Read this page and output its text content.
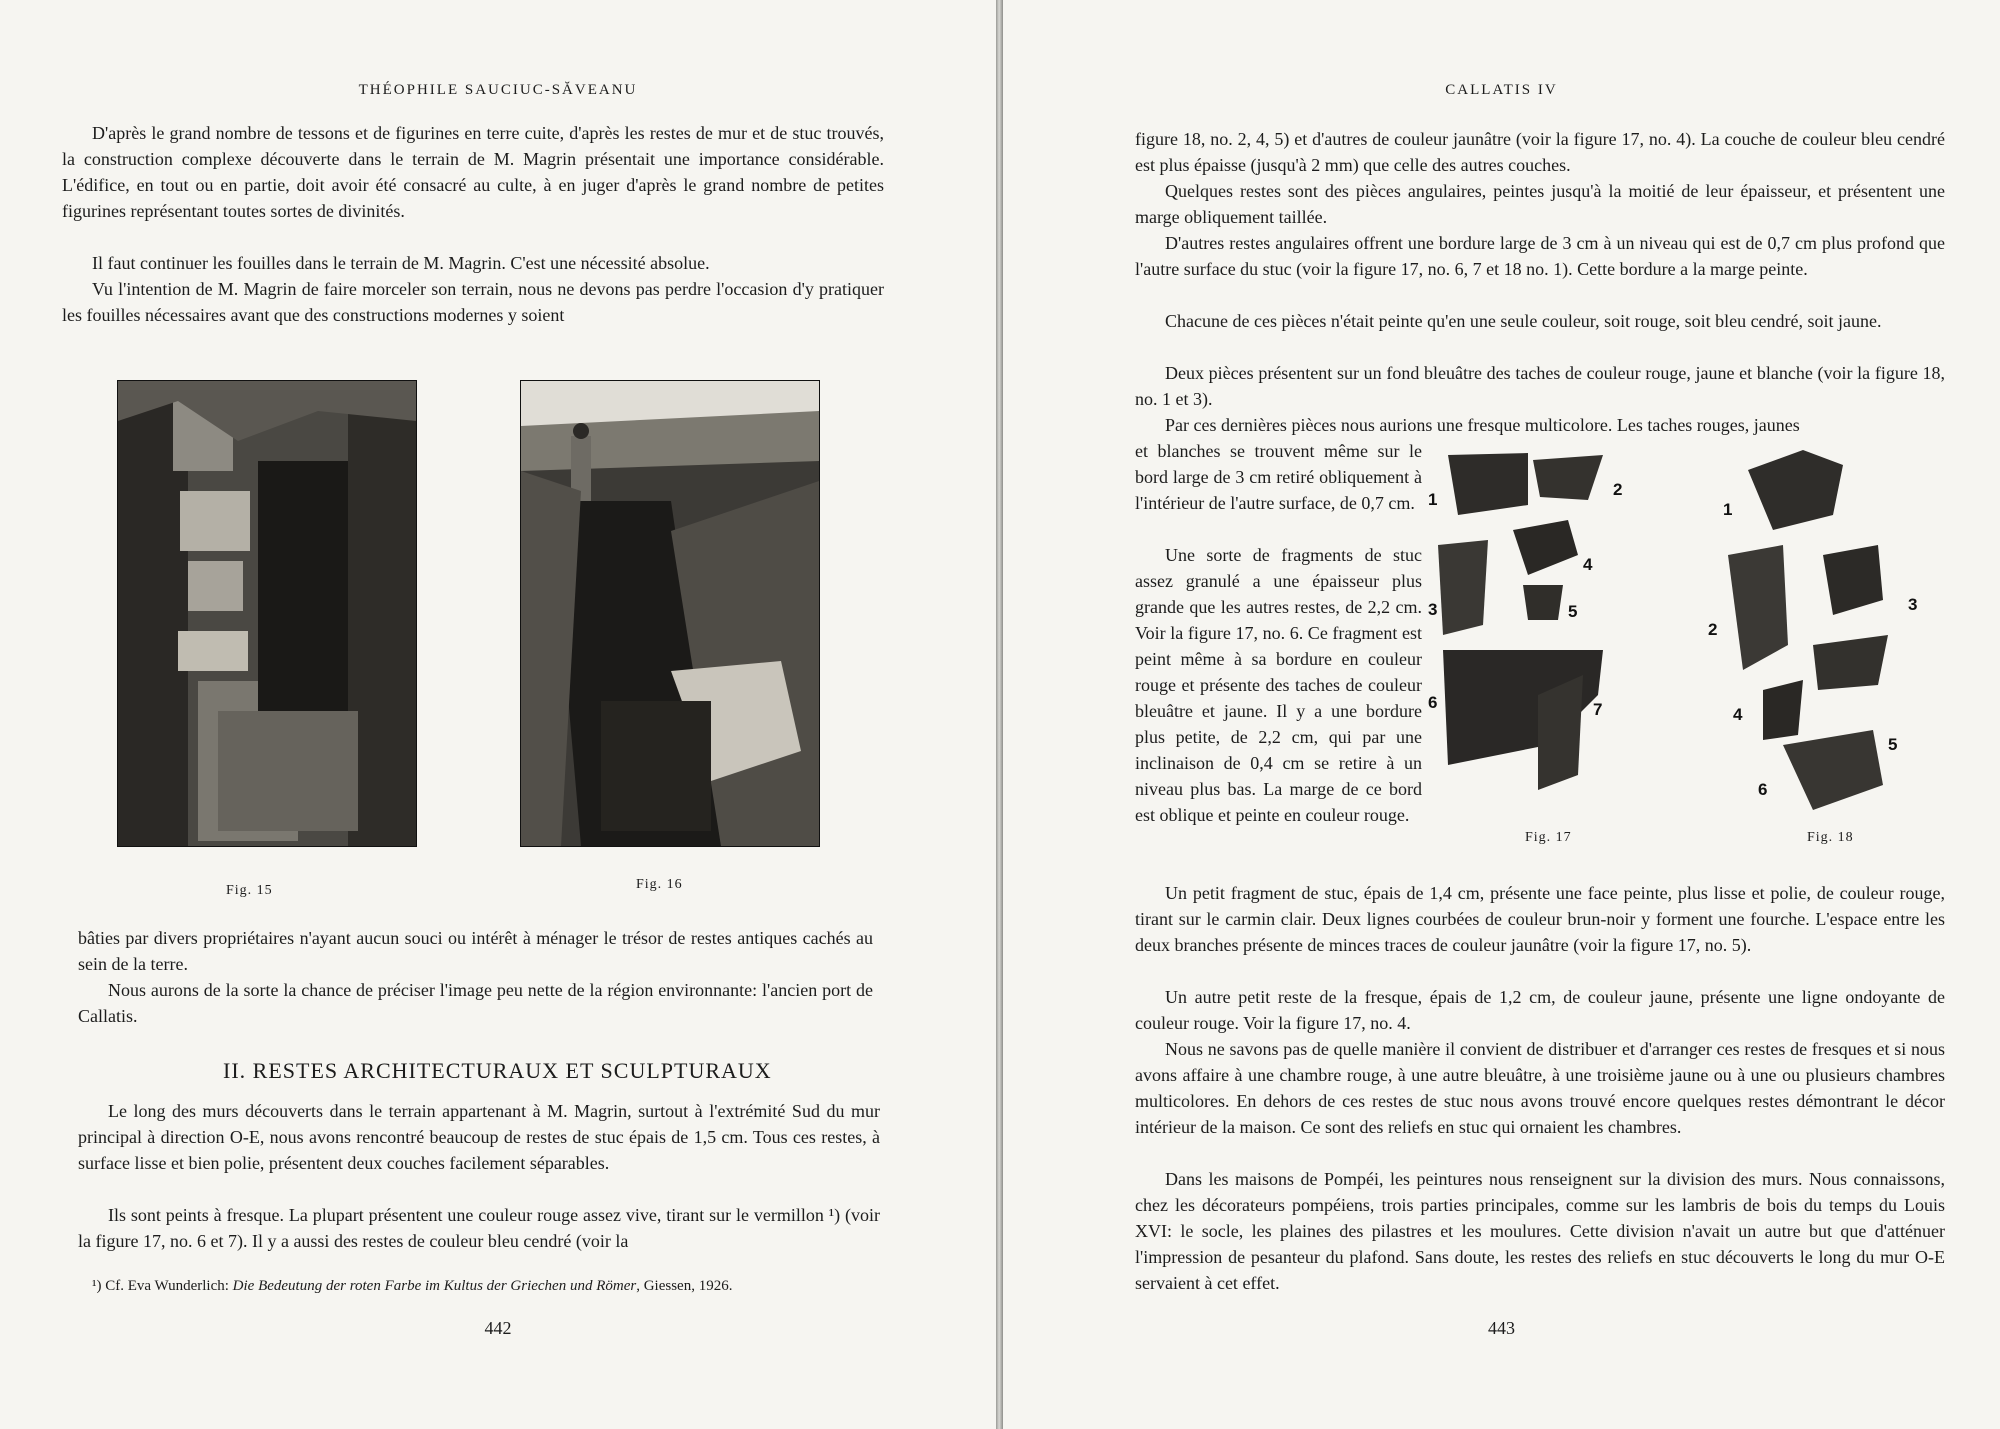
THÉOPHILE SAUCIUC-SĂVEANU

D'après le grand nombre de tessons et de figurines en terre cuite, d'après les restes de mur et de stuc trouvés, la construction complexe découverte dans le terrain de M. Magrin présentait une importance considérable. L'édifice, en tout ou en partie, doit avoir été consacré au culte, à en juger d'après le grand nombre de petites figurines représentant toutes sortes de divinités.

Il faut continuer les fouilles dans le terrain de M. Magrin. C'est une nécessité absolue.

Vu l'intention de M. Magrin de faire morceler son terrain, nous ne devons pas perdre l'occasion d'y pratiquer les fouilles nécessaires avant que des constructions modernes y soient

Fig. 15	Fig. 16

bâties par divers propriétaires n'ayant aucun souci ou intérêt à ménager le trésor de restes antiques cachés au sein de la terre.

Nous aurons de la sorte la chance de préciser l'image peu nette de la région environnante: l'ancien port de Callatis.

II. RESTES ARCHITECTURAUX ET SCULPTURAUX

Le long des murs découverts dans le terrain appartenant à M. Magrin, surtout à l'extrémité Sud du mur principal à direction O-E, nous avons rencontré beaucoup de restes de stuc épais de 1,5 cm. Tous ces restes, à surface lisse et bien polie, présentent deux couches facilement séparables.

Ils sont peints à fresque. La plupart présentent une couleur rouge assez vive, tirant sur le vermillon ¹) (voir la figure 17, no. 6 et 7). Il y a aussi des restes de couleur bleu cendré (voir la

¹) Cf. Eva Wunderlich: Die Bedeutung der roten Farbe im Kultus der Griechen und Römer, Giessen, 1926.
442
CALLATIS IV

figure 18, no. 2, 4, 5) et d'autres de couleur jaunâtre (voir la figure 17, no. 4). La couche de couleur bleu cendré est plus épaisse (jusqu'à 2 mm) que celle des autres couches.

Quelques restes sont des pièces angulaires, peintes jusqu'à la moitié de leur épaisseur, et présentent une marge obliquement taillée.

D'autres restes angulaires offrent une bordure large de 3 cm à un niveau qui est de 0,7 cm plus profond que l'autre surface du stuc (voir la figure 17, no. 6, 7 et 18 no. 1). Cette bordure a la marge peinte.

Chacune de ces pièces n'était peinte qu'en une seule couleur, soit rouge, soit bleu cendré, soit jaune.

Deux pièces présentent sur un fond bleuâtre des taches de couleur rouge, jaune et blanche (voir la figure 18, no. 1 et 3).

Par ces dernières pièces nous aurions une fresque multicolore. Les taches rouges, jaunes

et blanches se trouvent même sur le bord large de 3 cm retiré obliquement à l'intérieur de l'autre surface, de 0,7 cm.

Une sorte de fragments de stuc assez granulé a une épaisseur plus grande que les autres restes, de 2,2 cm. Voir la figure 17, no. 6. Ce fragment est peint même à sa bordure en couleur rouge et présente des taches de couleur bleuâtre et jaune. Il y a une bordure plus petite, de 2,2 cm, qui par une inclinaison de 0,4 cm se retire à un niveau plus bas. La marge de ce bord est oblique et peinte en couleur rouge.

1
2
3
4
5
6	7
1
2
3
4
5
6
Fig. 17	Fig. 18

Un petit fragment de stuc, épais de 1,4 cm, présente une face peinte, plus lisse et polie, de couleur rouge, tirant sur le carmin clair. Deux lignes courbées de couleur brun-noir y forment une fourche. L'espace entre les deux branches présente de minces traces de couleur jaunâtre (voir la figure 17, no. 5).

Un autre petit reste de la fresque, épais de 1,2 cm, de couleur jaune, présente une ligne ondoyante de couleur rouge. Voir la figure 17, no. 4.

Nous ne savons pas de quelle manière il convient de distribuer et d'arranger ces restes de fresques et si nous avons affaire à une chambre rouge, à une autre bleuâtre, à une troisième jaune ou à une ou plusieurs chambres multicolores. En dehors de ces restes de stuc nous avons trouvé encore quelques restes démontrant le décor intérieur de la maison. Ce sont des reliefs en stuc qui ornaient les chambres.

Dans les maisons de Pompéi, les peintures nous renseignent sur la division des murs. Nous connaissons, chez les décorateurs pompéiens, trois parties principales, comme sur les lambris de bois du temps du Louis XVI: le socle, les plaines des pilastres et les moulures. Cette division n'avait un autre but que d'atténuer l'impression de pesanteur du plafond. Sans doute, les restes des reliefs en stuc découverts le long du mur O-E servaient à cet effet.

443
